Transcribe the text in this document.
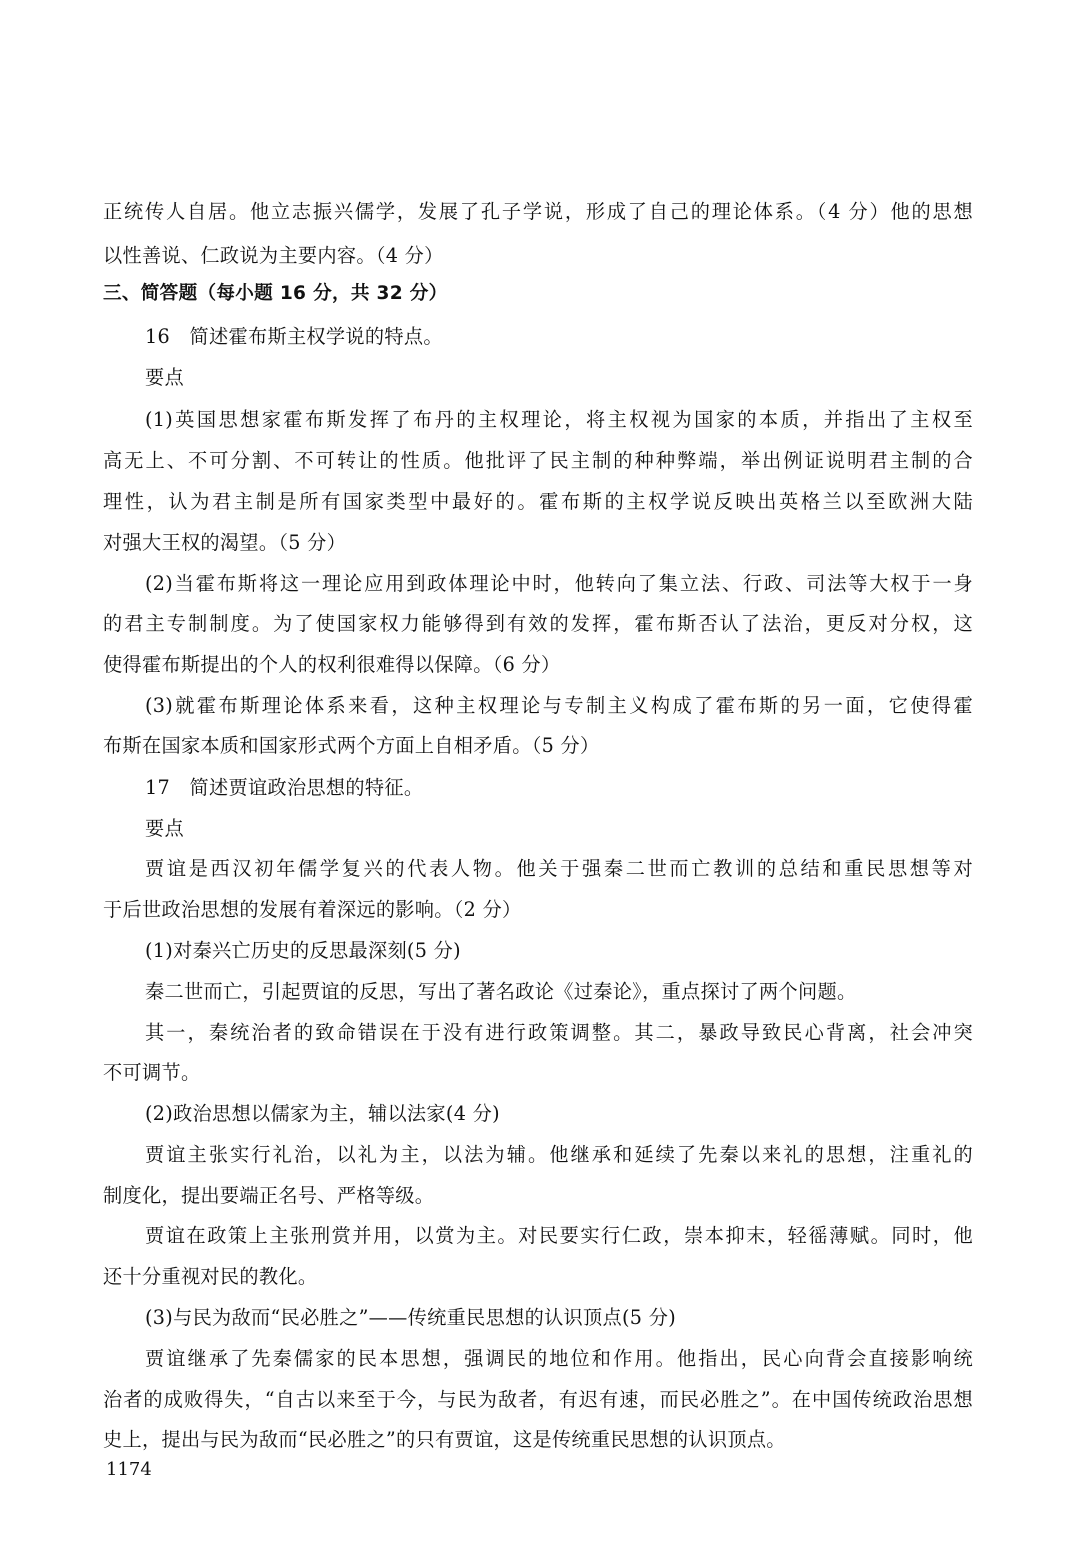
正统传人自居。他立志振兴儒学，发展了孔子学说，形成了自己的理论体系。（4 分）他的思想
以性善说、仁政说为主要内容。（4 分）
三、简答题（每小题 16 分，共 32 分）
16　简述霍布斯主权学说的特点。
要点
(1)英国思想家霍布斯发挥了布丹的主权理论，将主权视为国家的本质，并指出了主权至
高无上、不可分割、不可转让的性质。他批评了民主制的种种弊端，举出例证说明君主制的合
理性，认为君主制是所有国家类型中最好的。霍布斯的主权学说反映出英格兰以至欧洲大陆
对强大王权的渴望。（5 分）
(2)当霍布斯将这一理论应用到政体理论中时，他转向了集立法、行政、司法等大权于一身
的君主专制制度。为了使国家权力能够得到有效的发挥，霍布斯否认了法治，更反对分权，这
使得霍布斯提出的个人的权利很难得以保障。（6 分）
(3)就霍布斯理论体系来看，这种主权理论与专制主义构成了霍布斯的另一面，它使得霍
布斯在国家本质和国家形式两个方面上自相矛盾。（5 分）
17　简述贾谊政治思想的特征。
要点
贾谊是西汉初年儒学复兴的代表人物。他关于强秦二世而亡教训的总结和重民思想等对
于后世政治思想的发展有着深远的影响。（2 分）
(1)对秦兴亡历史的反思最深刻(5 分)
秦二世而亡，引起贾谊的反思，写出了著名政论《过秦论》，重点探讨了两个问题。
其一，秦统治者的致命错误在于没有进行政策调整。其二，暴政导致民心背离，社会冲突
不可调节。
(2)政治思想以儒家为主，辅以法家(4 分)
贾谊主张实行礼治，以礼为主，以法为辅。他继承和延续了先秦以来礼的思想，注重礼的
制度化，提出要端正名号、严格等级。
贾谊在政策上主张刑赏并用，以赏为主。对民要实行仁政，崇本抑末，轻徭薄赋。同时，他
还十分重视对民的教化。
(3)与民为敌而“民必胜之”——传统重民思想的认识顶点(5 分)
贾谊继承了先秦儒家的民本思想，强调民的地位和作用。他指出，民心向背会直接影响统
治者的成败得失，“自古以来至于今，与民为敌者，有迟有速，而民必胜之”。在中国传统政治思想
史上，提出与民为敌而“民必胜之”的只有贾谊，这是传统重民思想的认识顶点。
1174
